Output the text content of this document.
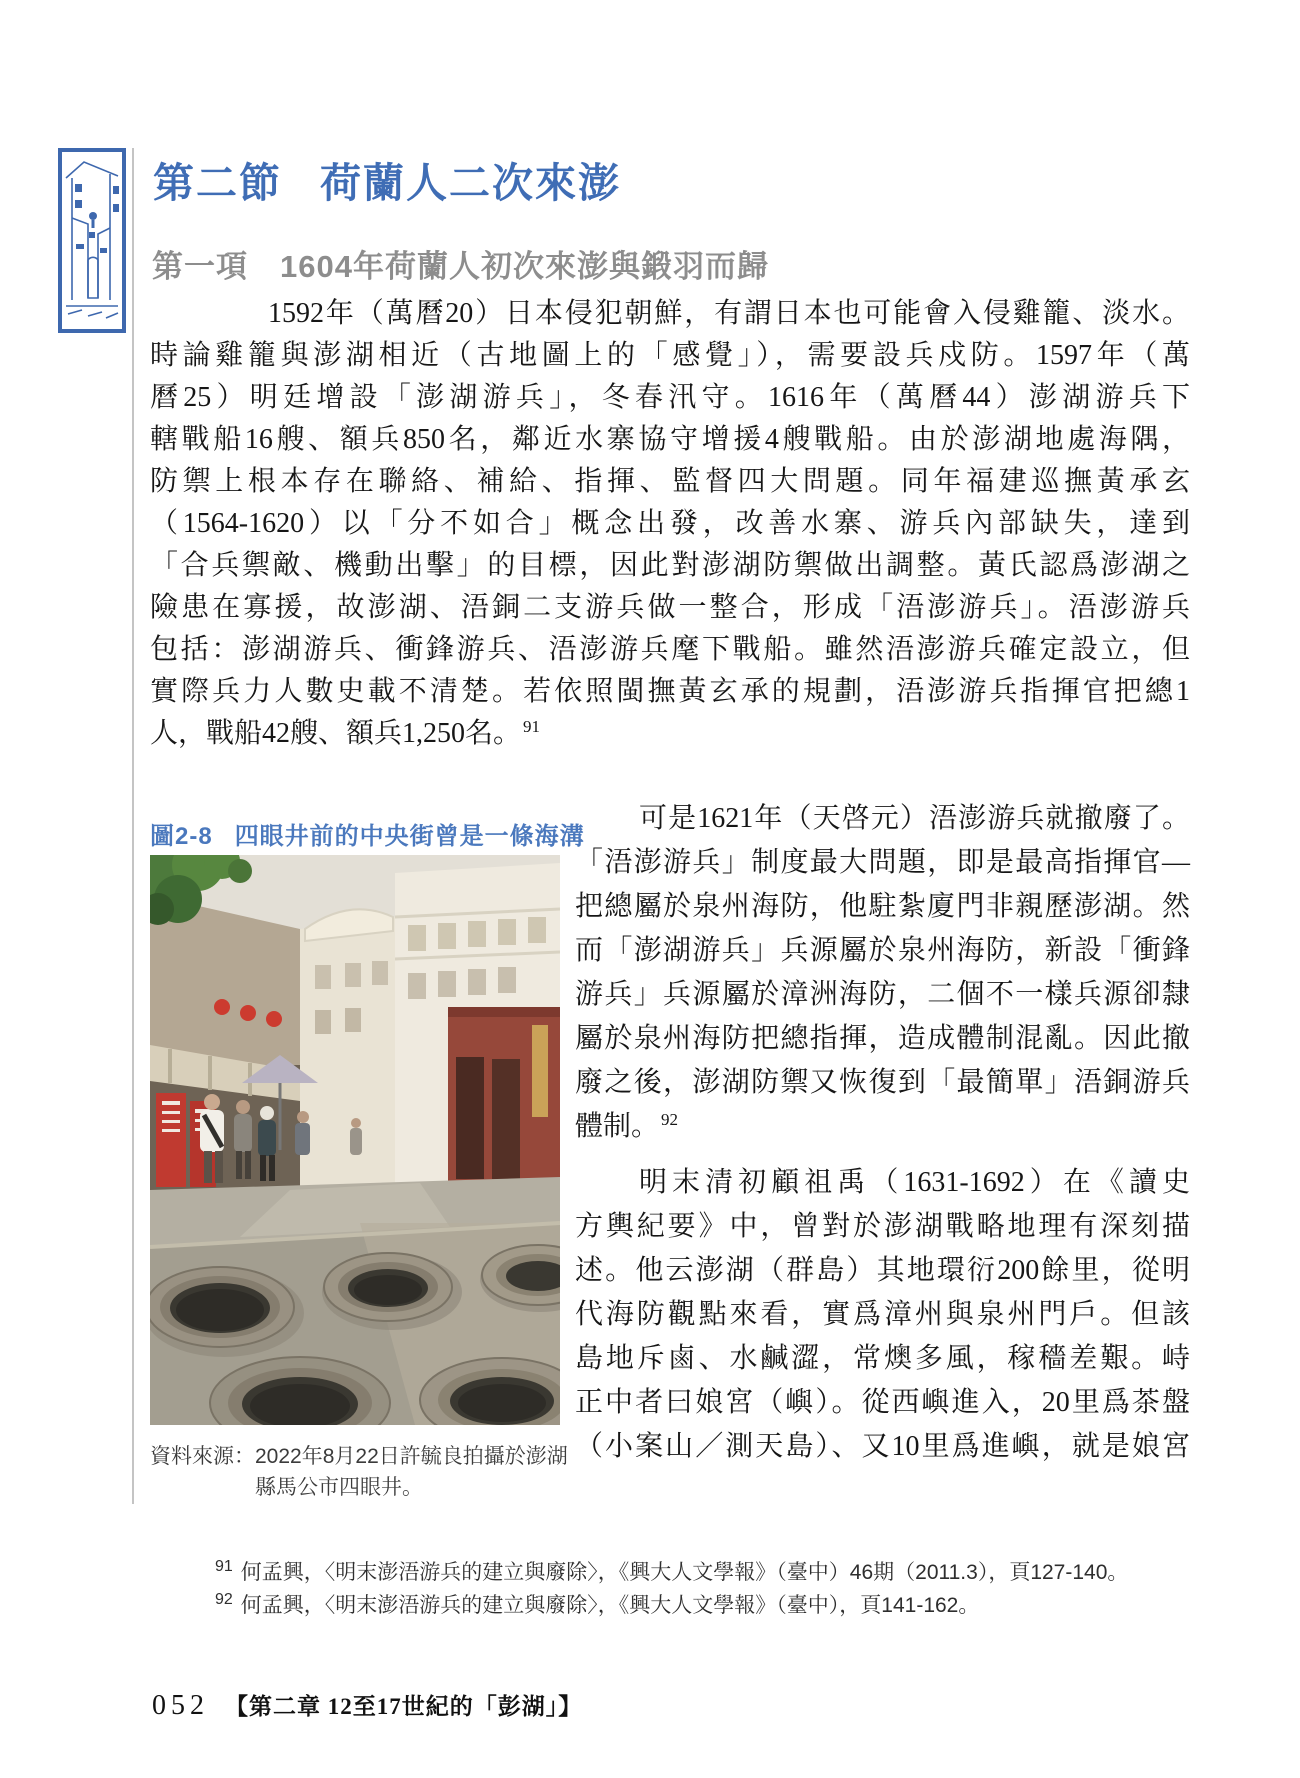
第二節 荷蘭人二次來澎
第一項 1604年荷蘭人初次來澎與鍛羽而歸
1592年（萬曆20）日本侵犯朝鮮，有謂日本也可能會入侵雞籠、淡水。
時論雞籠與澎湖相近（古地圖上的「感覺」），需要設兵戍防。1597年（萬
曆25）明廷增設「澎湖游兵」，冬春汛守。1616年（萬曆44）澎湖游兵下
轄戰船16艘、額兵850名，鄰近水寨協守增援4艘戰船。由於澎湖地處海隅，
防禦上根本存在聯絡、補給、指揮、監督四大問題。同年福建巡撫黃承玄
（1564-1620）以「分不如合」概念出發，改善水寨、游兵內部缺失，達到
「合兵禦敵、機動出擊」的目標，因此對澎湖防禦做出調整。黃氏認爲澎湖之
險患在寡援，故澎湖、浯銅二支游兵做一整合，形成「浯澎游兵」。浯澎游兵
包括：澎湖游兵、衝鋒游兵、浯澎游兵麾下戰船。雖然浯澎游兵確定設立，但
實際兵力人數史載不清楚。若依照閩撫黃玄承的規劃，浯澎游兵指揮官把總1
人，戰船42艘、額兵1,250名。 $^{91}$
圖2-8 四眼井前的中央街曾是一條海溝
資料來源： 2022年8月22日許毓良拍攝於澎湖縣馬公市四眼井。
可是1621年（天啓元）浯澎游兵就撤廢了。
「浯澎游兵」制度最大問題，即是最高指揮官—
把總屬於泉州海防，他駐紮廈門非親歷澎湖。然
而「澎湖游兵」兵源屬於泉州海防，新設「衝鋒
游兵」兵源屬於漳洲海防，二個不一樣兵源卻隸
屬於泉州海防把總指揮，造成體制混亂。因此撤
廢之後，澎湖防禦又恢復到「最簡單」浯銅游兵
體制。 $^{92}$
明末清初顧祖禹（1631-1692）在《讀史
方輿紀要》中，曾對於澎湖戰略地理有深刻描
述。他云澎湖（群島）其地環衍200餘里，從明
代海防觀點來看，實爲漳州與泉州門戶。但該
島地斥鹵、水鹹澀，常燠多風，稼穡差艱。峙
正中者曰娘宮（嶼）。從西嶼進入，20里爲茶盤
（小案山／測天島）、又10里爲進嶼，就是娘宮
$^{91}$ 何孟興，〈明末澎浯游兵的建立與廢除〉，《興大人文學報》（臺中）46期（2011.3），頁127-140。
$^{92}$ 何孟興，〈明末澎浯游兵的建立與廢除〉，《興大人文學報》（臺中），頁141-162。
052 【第二章 12至17世紀的「彭湖」】
